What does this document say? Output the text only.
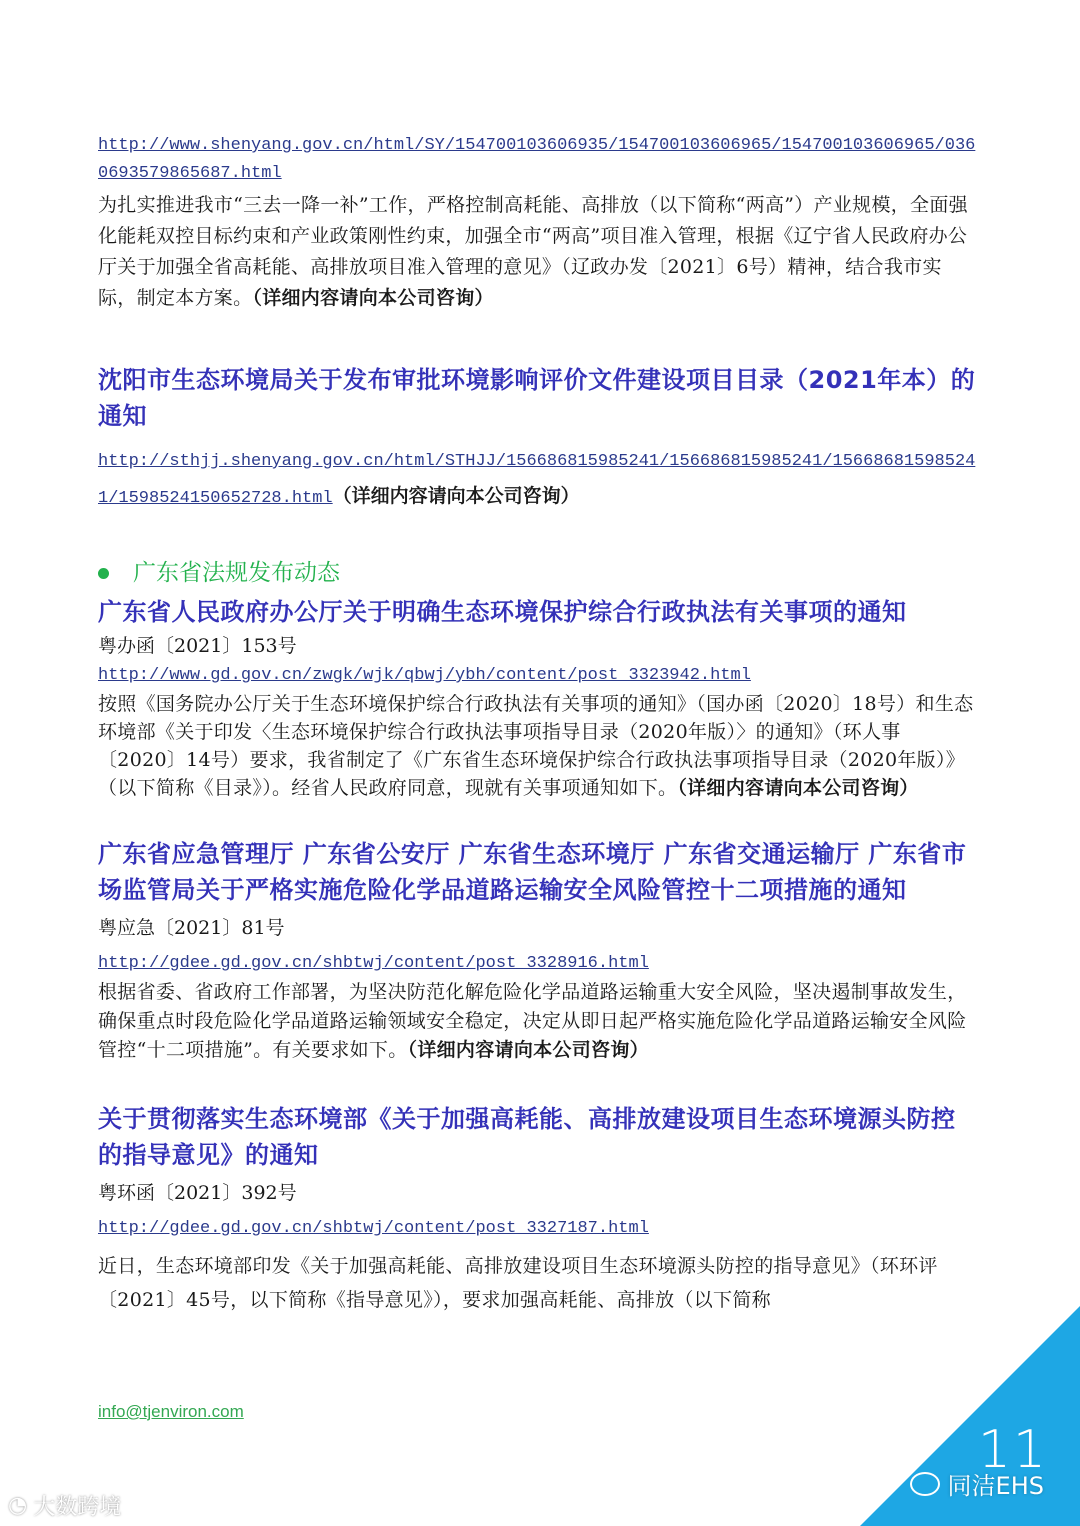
http://www.shenyang.gov.cn/html/SY/154700103606935/154700103606965/154700103606965/0360693579865687.html

为扎实推进我市“三去一降一补”工作，严格控制高耗能、高排放（以下简称“两高”）产业规模，全面强化能耗双控目标约束和产业政策刚性约束，加强全市“两高”项目准入管理，根据《辽宁省人民政府办公厅关于加强全省高耗能、高排放项目准入管理的意见》（辽政办发〔2021〕6号）精神，结合我市实际，制定本方案。（详细内容请向本公司咨询）

沈阳市生态环境局关于发布审批环境影响评价文件建设项目目录（2021年本）的通知
http://sthjj.shenyang.gov.cn/html/STHJJ/156686815985241/156686815985241/156686815985241/1598524150652728.html（详细内容请向本公司咨询）
广东省法规发布动态
广东省人民政府办公厅关于明确生态环境保护综合行政执法有关事项的通知

粤办函〔2021〕153号

http://www.gd.gov.cn/zwgk/wjk/qbwj/ybh/content/post_3323942.html

按照《国务院办公厅关于生态环境保护综合行政执法有关事项的通知》（国办函〔2020〕18号）和生态环境部《关于印发〈生态环境保护综合行政执法事项指导目录（2020年版）〉的通知》（环人事〔2020〕14号）要求，我省制定了《广东省生态环境保护综合行政执法事项指导目录（2020年版）》（以下简称《目录》）。经省人民政府同意，现就有关事项通知如下。（详细内容请向本公司咨询）

广东省应急管理厅 广东省公安厅 广东省生态环境厅 广东省交通运输厅 广东省市场监管局关于严格实施危险化学品道路运输安全风险管控十二项措施的通知

粤应急〔2021〕81号

http://gdee.gd.gov.cn/shbtwj/content/post_3328916.html

根据省委、省政府工作部署，为坚决防范化解危险化学品道路运输重大安全风险，坚决遏制事故发生，确保重点时段危险化学品道路运输领域安全稳定，决定从即日起严格实施危险化学品道路运输安全风险管控“十二项措施”。有关要求如下。（详细内容请向本公司咨询）

关于贯彻落实生态环境部《关于加强高耗能、高排放建设项目生态环境源头防控的指导意见》的通知

粤环函〔2021〕392号

http://gdee.gd.gov.cn/shbtwj/content/post_3327187.html

近日，生态环境部印发《关于加强高耗能、高排放建设项目生态环境源头防控的指导意见》（环环评〔2021〕45号，以下简称《指导意见》），要求加强高耗能、高排放（以下简称

info@tjenviron.com
11
同洁EHS
◔ 大数跨境
